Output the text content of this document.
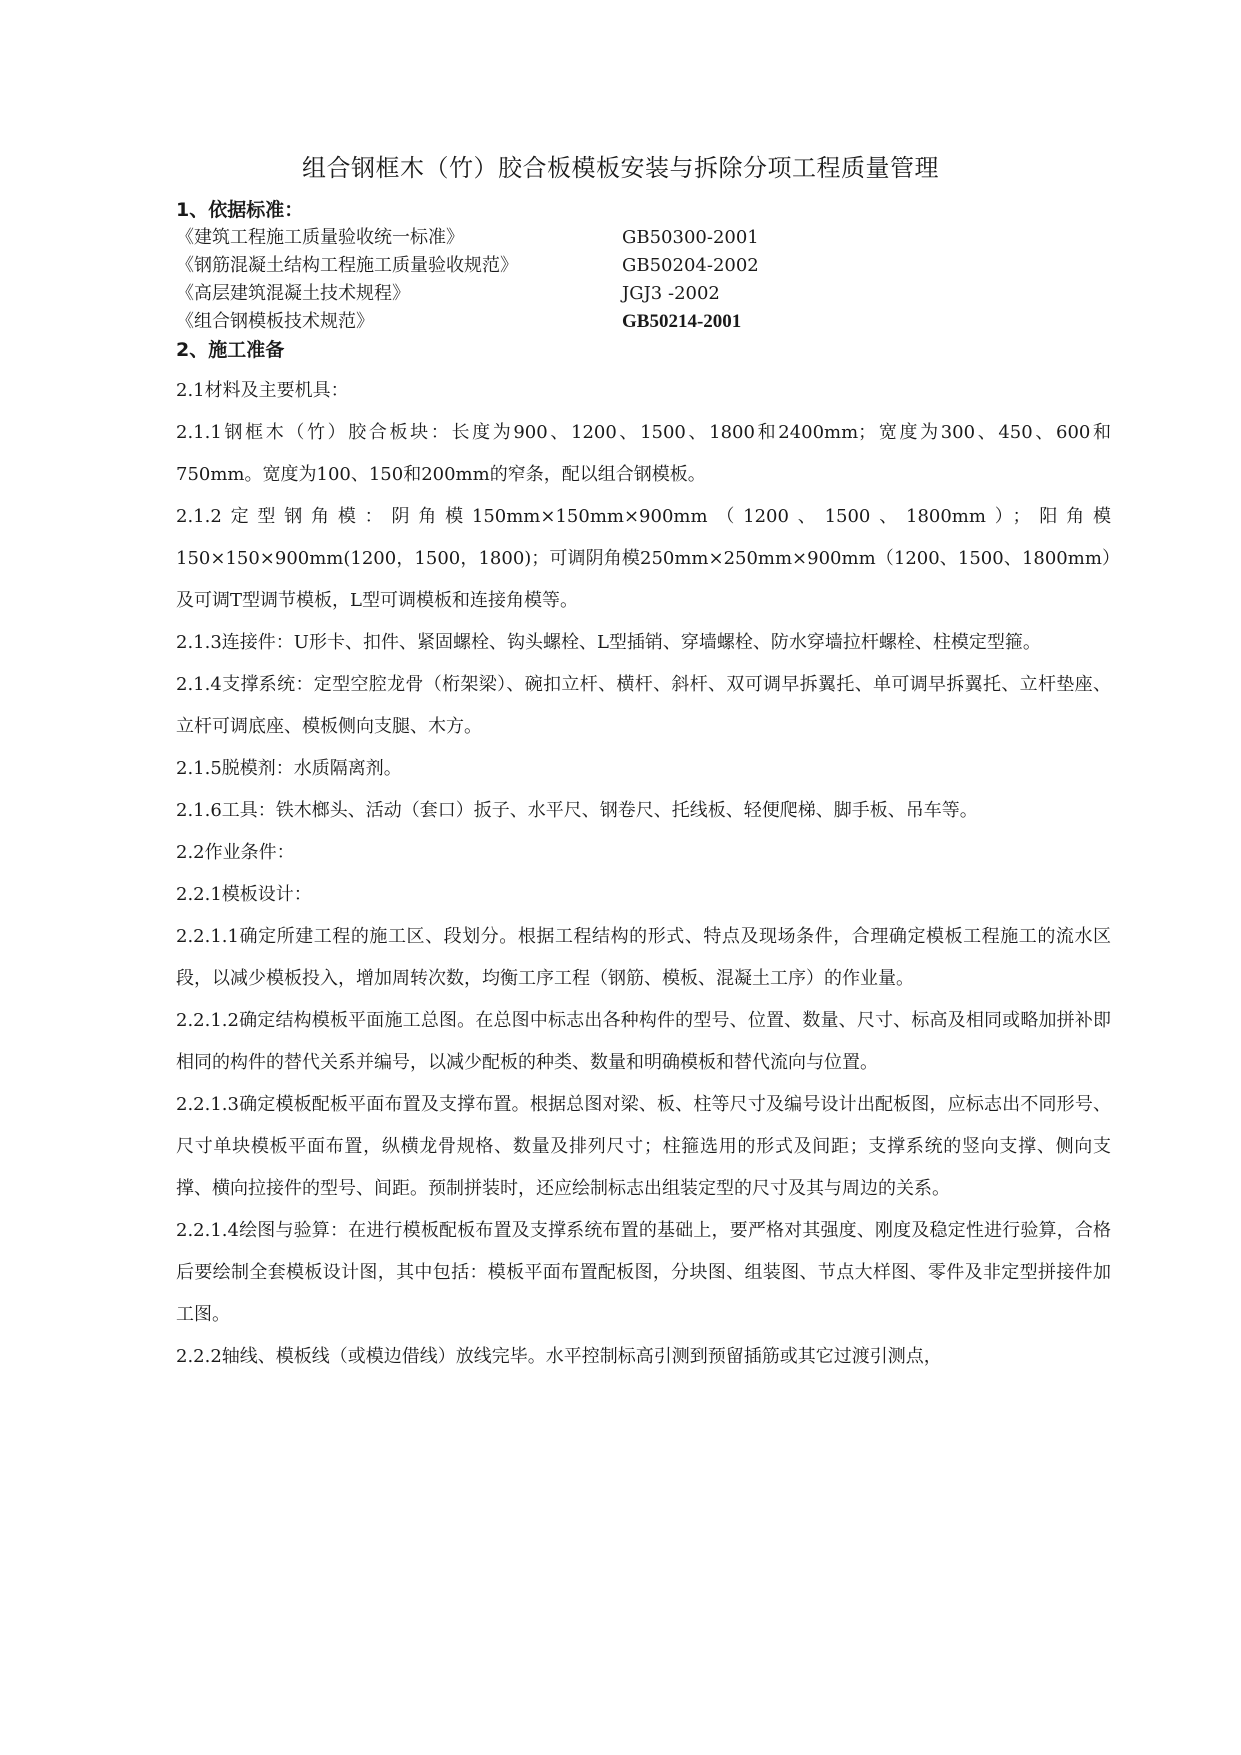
组合钢框木（竹）胶合板模板安装与拆除分项工程质量管理
1、依据标准：
《建筑工程施工质量验收统一标准》	GB50300-2001
《钢筋混凝土结构工程施工质量验收规范》	GB50204-2002
《高层建筑混凝土技术规程》	JGJ3 -2002
《组合钢模板技术规范》	GB50214-2001
2、施工准备

2.1材料及主要机具：

2.1.1钢框木（竹）胶合板块：长度为900、1200、1500、1800和2400mm；宽度为300、450、600和750mm。宽度为100、150和200mm的窄条，配以组合钢模板。

2.1.2定型钢角模：阴角模150mm×150mm×900mm（1200、1500、1800mm）；阳角模150×150×900mm(1200，1500，1800)；可调阴角模250mm×250mm×900mm（1200、1500、1800mm）及可调T型调节模板，L型可调模板和连接角模等。

2.1.3连接件：U形卡、扣件、紧固螺栓、钩头螺栓、L型插销、穿墙螺栓、防水穿墙拉杆螺栓、柱模定型箍。

2.1.4支撑系统：定型空腔龙骨（桁架梁）、碗扣立杆、横杆、斜杆、双可调早拆翼托、单可调早拆翼托、立杆垫座、立杆可调底座、模板侧向支腿、木方。

2.1.5脱模剂：水质隔离剂。

2.1.6工具：铁木榔头、活动（套口）扳子、水平尺、钢卷尺、托线板、轻便爬梯、脚手板、吊车等。

2.2作业条件：

2.2.1模板设计：

2.2.1.1确定所建工程的施工区、段划分。根据工程结构的形式、特点及现场条件，合理确定模板工程施工的流水区段，以减少模板投入，增加周转次数，均衡工序工程（钢筋、模板、混凝土工序）的作业量。

2.2.1.2确定结构模板平面施工总图。在总图中标志出各种构件的型号、位置、数量、尺寸、标高及相同或略加拼补即相同的构件的替代关系并编号，以减少配板的种类、数量和明确模板和替代流向与位置。

2.2.1.3确定模板配板平面布置及支撑布置。根据总图对梁、板、柱等尺寸及编号设计出配板图，应标志出不同形号、尺寸单块模板平面布置，纵横龙骨规格、数量及排列尺寸；柱箍选用的形式及间距；支撑系统的竖向支撑、侧向支撑、横向拉接件的型号、间距。预制拼装时，还应绘制标志出组装定型的尺寸及其与周边的关系。

2.2.1.4绘图与验算：在进行模板配板布置及支撑系统布置的基础上，要严格对其强度、刚度及稳定性进行验算，合格后要绘制全套模板设计图，其中包括：模板平面布置配板图，分块图、组装图、节点大样图、零件及非定型拼接件加工图。

2.2.2轴线、模板线（或模边借线）放线完毕。水平控制标高引测到预留插筋或其它过渡引测点，
